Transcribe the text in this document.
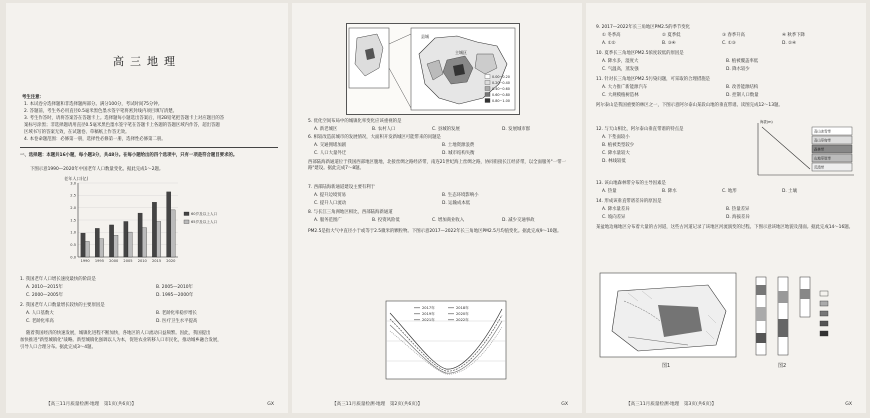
高三地理
考生注意：
1. 本试卷分选择题和非选择题两部分。满分100分，考试时间75分钟。
2. 答题前，考生务必用直径0.5毫米黑色墨水签字笔将密封线内项目填写清楚。
3. 考生作答时，请将答案答在答题卡上。选择题每小题选出答案后，用2B铅笔把答题卡上对应题目的答
案标号涂黑；非选择题请用直径0.5毫米黑色墨水签字笔在答题卡上各题的答题区域内作答，超出答题
区域书写的答案无效，在试题卷、草稿纸上作答无效。
4. 本卷命题范围：必修第一册，选择性必修第一册，选择性必修第二册。
一、选择题：本题共16小题，每小题3分，共48分。在每小题给出的四个选项中，只有一项是符合题目要求的。
下图示意1990—2020年中国老年人口数量变化。据此完成1～2题。
老年人口(亿)
0.0
0.5
1.0
1.5
2.0
2.5
3.0
1990 1995 2000 2005 2010 2015 2020
60岁及以上人口
65岁及以上人口
1. 我国老年人口增长速度最快的阶段是
A. 2010—2015年	B. 2005—2010年
C. 2000—2005年	D. 1995—2000年
2. 我国老年人口数量增长较快的主要原因是
A. 人口基数大	B. 老龄化率稳步增长
C. 老龄化率高	D. 医疗卫生水平提高
随着我国经济的快速发展，城镇化进程不断加快，各地区的人口流动日益频繁。因此，我国提出
加快推进"新型城镇化"战略。新型城镇化强调以人为本，促进农业转移人口市民化，推动城乡融合发展，
引导人口合理分布。据此完成3～4题。
【高三11月质量检测·地理　第1页(共6页)】	GX
县城
主城区
0.00~0.20
0.20~0.40
0.40~0.60
0.60~0.80
0.80~1.00
5. 优化空间布局中的城镇化率变化应该重视的是
A. 新老城区	B. 农村人口	C. 县城的发展	D. 发展城市群
6. 相较改造前城市的发展情况，大面积开发新城区可能带来的问题是
A. 交通拥堵加剧	B. 土地资源浪费
C. 人口大量外迁	D. 城市结构失衡
西部陆海新通道位于我国西部地区腹地，北接丝绸之路经济带，南连21世纪海上丝绸之路，协同衔接长江经济带，以全面服务"一带一路"建设。据此完成7～8题。
7. 西部陆海新通道建设主要有利于
A. 提升边境贸易	B. 生态环境影响小
C. 提升人口流动	D. 运输成本低
8. 与长江三角洲地区相比，西部陆海新通道
A. 服务范围广	B. 投资风险低	C. 增加商业收入	D. 减少交通事故
PM2.5是指大气中直径小于或等于2.5微米的颗粒物。下图示意2017—2022年长三角地区PM2.5月均值变化。据此完成9～10题。
2017年	2018年
2019年	2020年
2021年	2022年
【高三11月质量检测·地理　第2页(共6页)】	GX
9. 2017—2022年长三角地区PM2.5的季节变化
① 冬季高	② 夏季低	③ 春季升高	④ 秋季下降
A. ①②	B. ③④	C. ①③	D. ②④
10. 夏季长三角地区PM2.5浓度较低的原因是
A. 降水多，湿度大	B. 植被覆盖率低
C. 气温高，蒸发强	D. 降水较少
11. 针对长三角地区PM2.5污染问题，可采取的合理措施是
A. 大力推广新能源汽车	B. 改善能源结构
C. 大规模植树造林	D. 控制人口数量
阿尔泰山是我国重要的林区之一，下图示意阿尔泰山某段山地的垂直带谱。读图完成12～13题。
海拔(m)
高山冰雪带
高山草甸带
森林带
山地草原带
荒漠带
12. 与天山相比，阿尔泰山垂直带谱的特点是
A. 下垫面较小
B. 植被类型较少
C. 降水量较大
D. 林线较低
13. 该山地森林带分布的主导因素是
A. 热量	B. 降水	C. 地形	D. 土壤
14. 形成该垂直带谱差异的原因是
A. 降水量差异	B. 热量差异
C. 坡向差异	D. 海拔差异
某盆地边缘地区分布着大量的古河道，这些古河道记录了该地区河流演变的过程。下图示意该地区地貌及剖面。据此完成14～16题。
图1	图2
【高三11月质量检测·地理　第3页(共6页)】	GX
